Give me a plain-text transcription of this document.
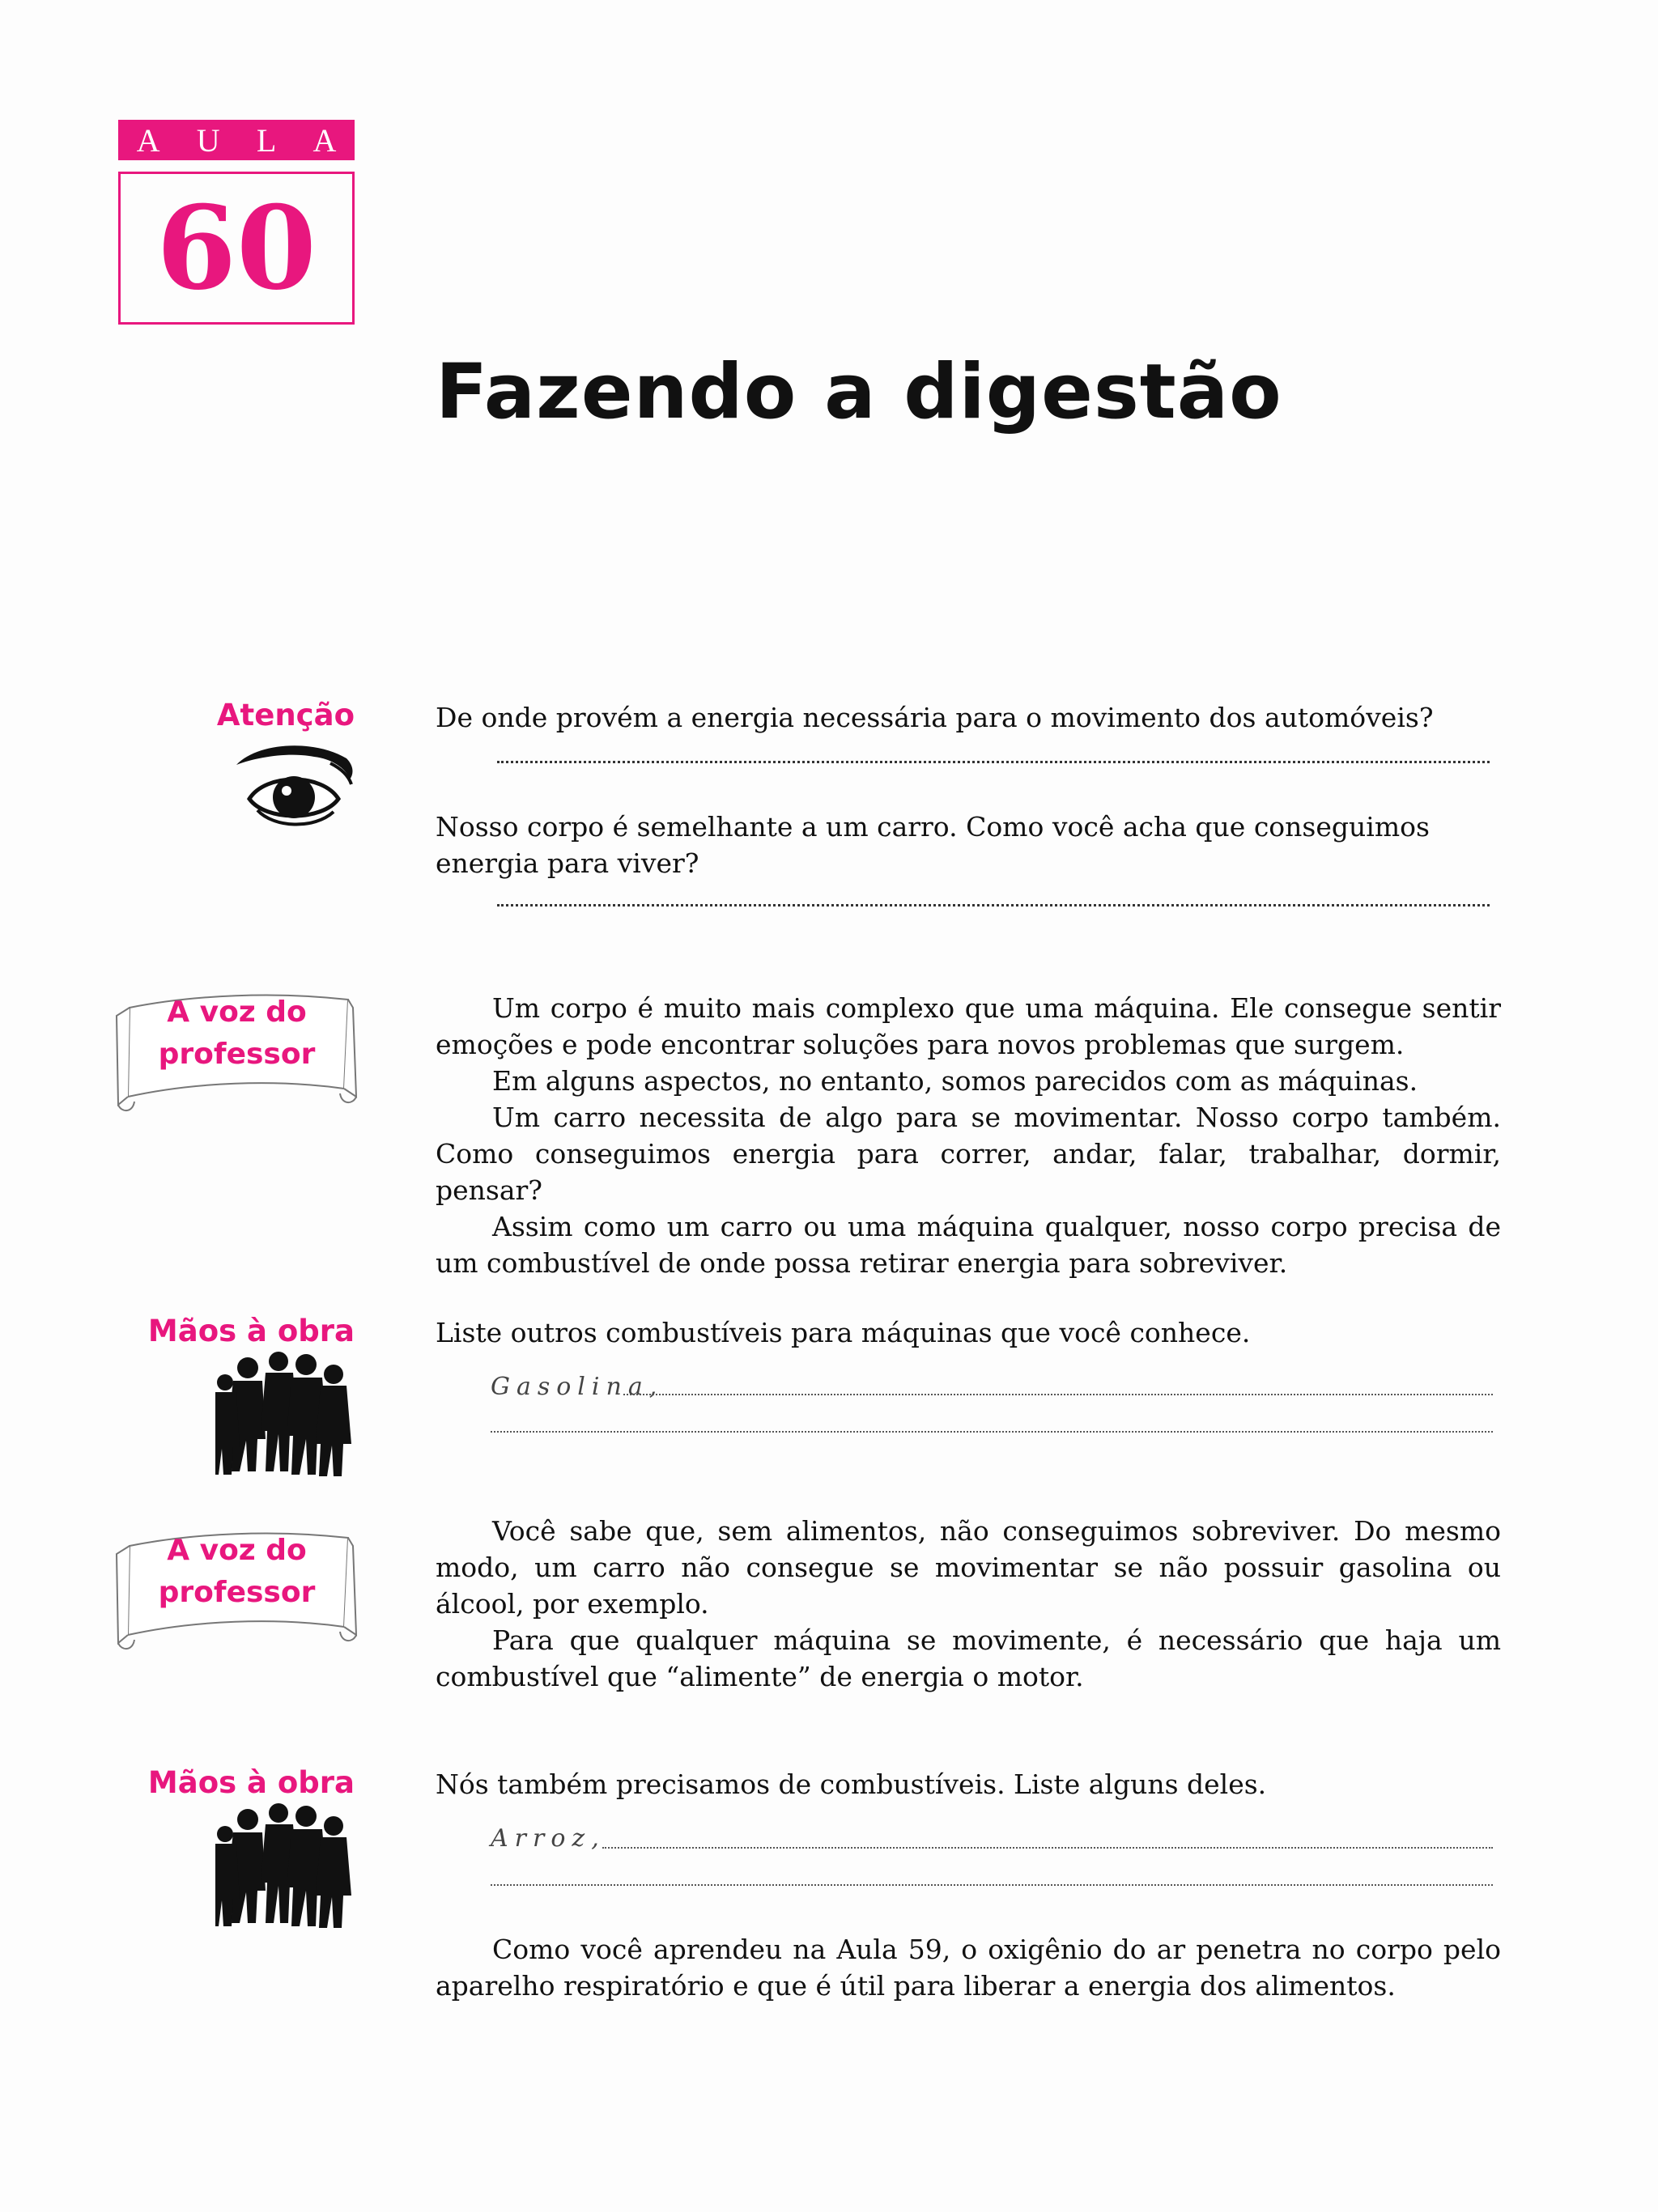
A U L A
60
Fazendo a digestão
Atenção	De onde provém a energia necessária para o movimento dos automóveis?

Nosso corpo é semelhante a um carro. Como você acha que conseguimos

energia para viver?

A voz do
professor

Um corpo é muito mais complexo que uma máquina. Ele consegue sentir emoções e pode encontrar soluções para novos problemas que surgem.

Em alguns aspectos, no entanto, somos parecidos com as máquinas.

Um carro necessita de algo para se movimentar. Nosso corpo também. Como conseguimos energia para correr, andar, falar, trabalhar, dormir, pensar?

Assim como um carro ou uma máquina qualquer, nosso corpo precisa de um combustível de onde possa retirar energia para sobreviver.

Mãos à obra	Liste outros combustíveis para máquinas que você conhece.

Gasolina,
A voz do
professor

Você sabe que, sem alimentos, não conseguimos sobreviver. Do mesmo modo, um carro não consegue se movimentar se não possuir gasolina ou álcool, por exemplo.

Para que qualquer máquina se movimente, é necessário que haja um combustível que “alimente” de energia o motor.

Mãos à obra	Nós também precisamos de combustíveis. Liste alguns deles.

Arroz,

Como você aprendeu na Aula 59, o oxigênio do ar penetra no corpo pelo aparelho respiratório e que é útil para liberar a energia dos alimentos.
